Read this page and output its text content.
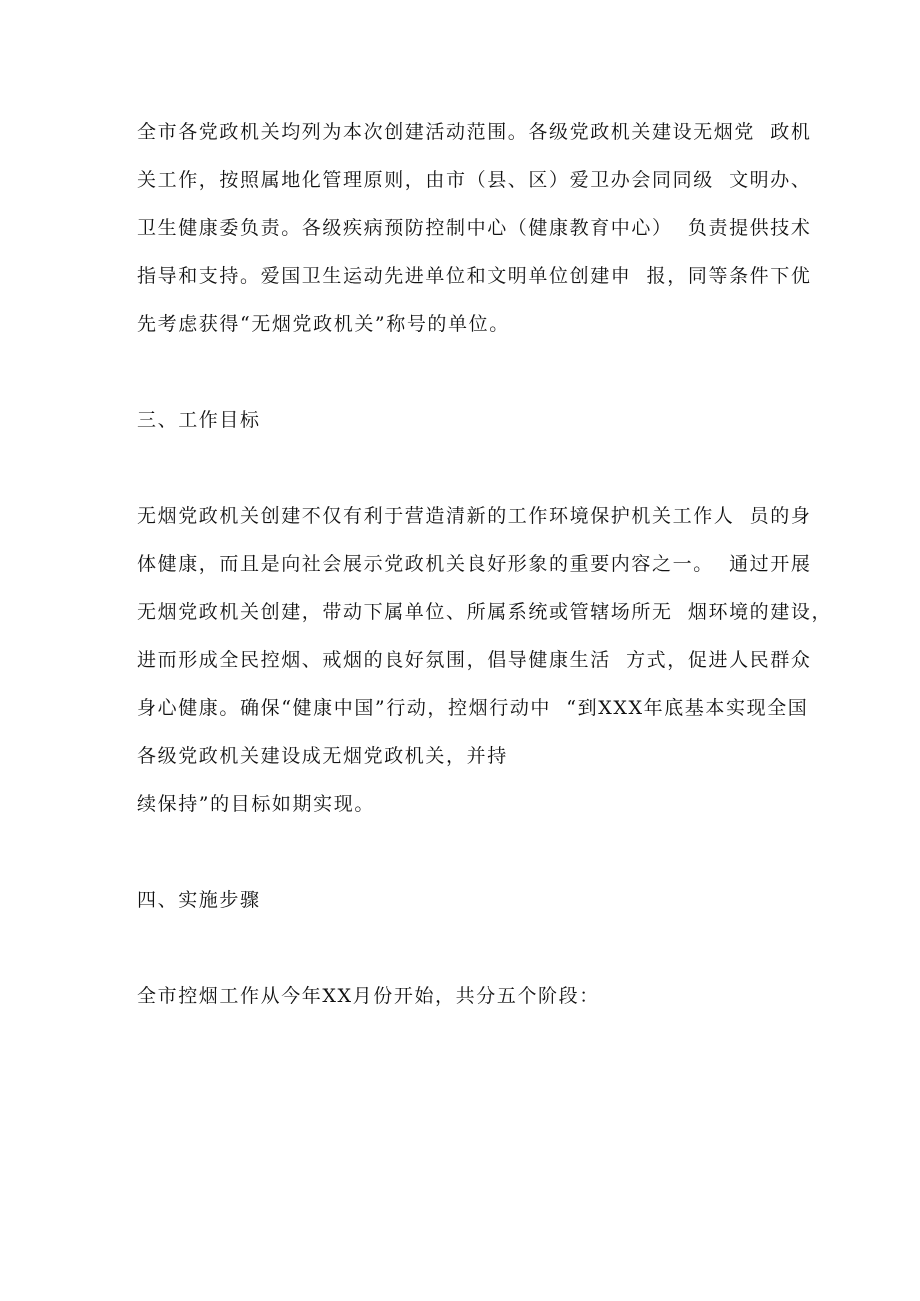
全市各党政机关均列为本次创建活动范围。各级党政机关建设无烟党  政机
关工作，按照属地化管理原则，由市（县、区）爱卫办会同同级  文明办、
卫生健康委负责。各级疾病预防控制中心（健康教育中心）  负责提供技术
指导和支持。爱国卫生运动先进单位和文明单位创建申  报，同等条件下优
先考虑获得“无烟党政机关”称号的单位。
三、工作目标
无烟党政机关创建不仅有利于营造清新的工作环境保护机关工作人  员的身
体健康，而且是向社会展示党政机关良好形象的重要内容之一。  通过开展
无烟党政机关创建，带动下属单位、所属系统或管辖场所无  烟环境的建设，
进而形成全民控烟、戒烟的良好氛围，倡导健康生活  方式，促进人民群众
身心健康。确保“健康中国”行动，控烟行动中  “到XXX年底基本实现全国
各级党政机关建设成无烟党政机关，并持
续保持”的目标如期实现。
四、实施步骤
全市控烟工作从今年XX月份开始，共分五个阶段：
